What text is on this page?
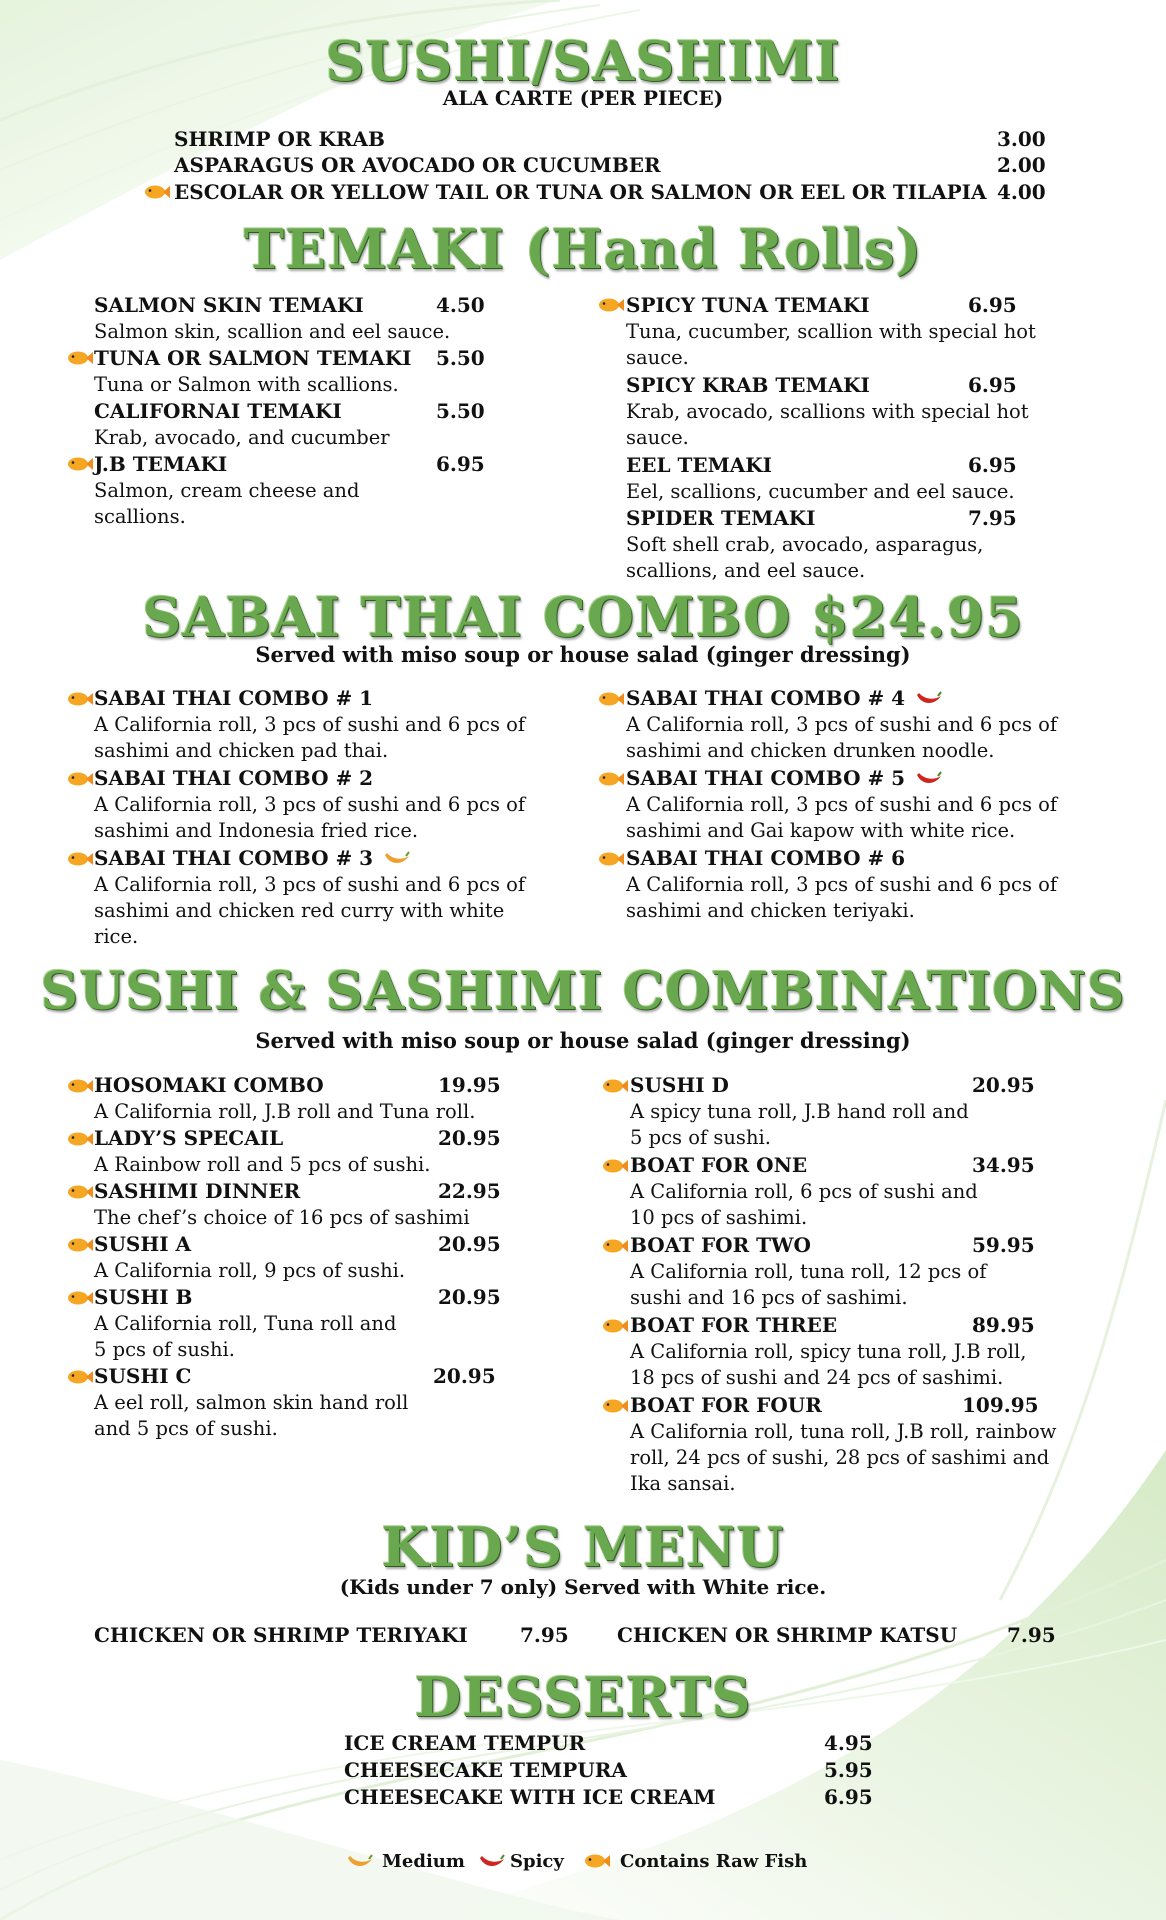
SUSHI/SASHIMI
ALA CARTE (PER PIECE)
SHRIMP OR KRAB	3.00
ASPARAGUS OR AVOCADO OR CUCUMBER	2.00
ESCOLAR OR YELLOW TAIL OR TUNA OR SALMON OR EEL OR TILAPIA 4.00
TEMAKI (Hand Rolls)
SALMON SKIN TEMAKI	4.50
Salmon skin, scallion and eel sauce.
TUNA OR SALMON TEMAKI 5.50
Tuna or Salmon with scallions.
CALIFORNAI TEMAKI	5.50
Krab, avocado, and cucumber
J.B TEMAKI	6.95
Salmon, cream cheese and
scallions.
SPICY TUNA TEMAKI	6.95
Tuna, cucumber, scallion with special hot
sauce.
SPICY KRAB TEMAKI	6.95
Krab, avocado, scallions with special hot
sauce.
EEL TEMAKI	6.95
Eel, scallions, cucumber and eel sauce.
SPIDER TEMAKI	7.95
Soft shell crab, avocado, asparagus,
scallions, and eel sauce.
SABAI THAI COMBO $24.95
Served with miso soup or house salad (ginger dressing)
SABAI THAI COMBO # 1
A California roll, 3 pcs of sushi and 6 pcs of
sashimi and chicken pad thai.
SABAI THAI COMBO # 2
A California roll, 3 pcs of sushi and 6 pcs of
sashimi and Indonesia fried rice.
SABAI THAI COMBO # 3
A California roll, 3 pcs of sushi and 6 pcs of
sashimi and chicken red curry with white
rice.
SABAI THAI COMBO # 4
A California roll, 3 pcs of sushi and 6 pcs of
sashimi and chicken drunken noodle.
SABAI THAI COMBO # 5
A California roll, 3 pcs of sushi and 6 pcs of
sashimi and Gai kapow with white rice.
SABAI THAI COMBO # 6
A California roll, 3 pcs of sushi and 6 pcs of
sashimi and chicken teriyaki.
SUSHI & SASHIMI COMBINATIONS
Served with miso soup or house salad (ginger dressing)
HOSOMAKI COMBO	19.95
A California roll, J.B roll and Tuna roll.
LADY’S SPECAIL	20.95
A Rainbow roll and 5 pcs of sushi.
SASHIMI DINNER	22.95
The chef’s choice of 16 pcs of sashimi
SUSHI A	20.95
A California roll, 9 pcs of sushi.
SUSHI B	20.95
A California roll, Tuna roll and
5 pcs of sushi.
SUSHI C	20.95
A eel roll, salmon skin hand roll
and 5 pcs of sushi.
SUSHI D	20.95
A spicy tuna roll, J.B hand roll and
5 pcs of sushi.
BOAT FOR ONE	34.95
A California roll, 6 pcs of sushi and
10 pcs of sashimi.
BOAT FOR TWO	59.95
A California roll, tuna roll, 12 pcs of
sushi and 16 pcs of sashimi.
BOAT FOR THREE	89.95
A California roll, spicy tuna roll, J.B roll,
18 pcs of sushi and 24 pcs of sashimi.
BOAT FOR FOUR	109.95
A California roll, tuna roll, J.B roll, rainbow
roll, 24 pcs of sushi, 28 pcs of sashimi and
Ika sansai.
KID’S MENU
(Kids under 7 only) Served with White rice.
CHICKEN OR SHRIMP TERIYAKI	7.95 CHICKEN OR SHRIMP KATSU 7.95
DESSERTS
ICE CREAM TEMPUR	4.95
CHEESECAKE TEMPURA	5.95
CHEESECAKE WITH ICE CREAM	6.95
Medium	Spicy	Contains Raw Fish
